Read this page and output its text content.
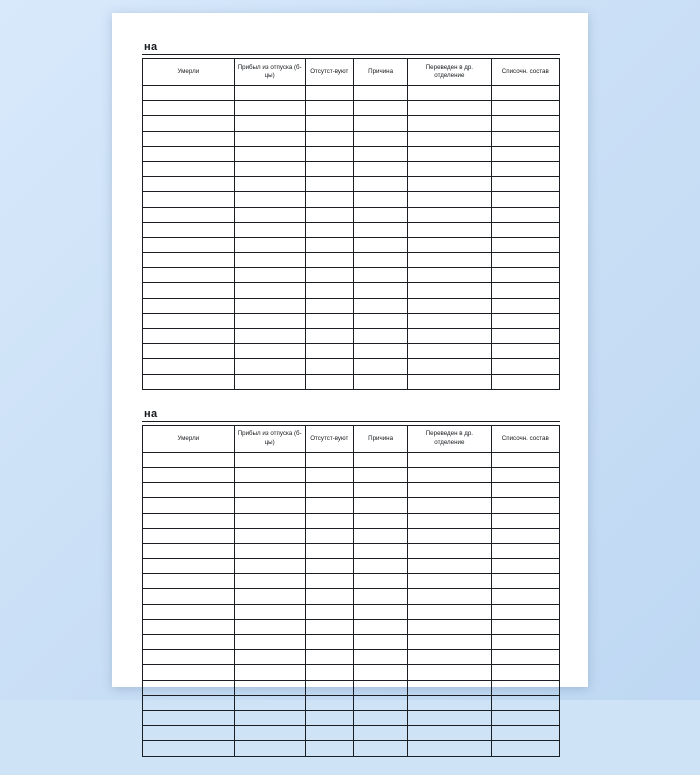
на
Умерли	Прибыл из отпуска (б-цы)	Отсутст-вуют	Причина	Переведен в др. отделение	Списочн. состав

на
Умерли	Прибыл из отпуска (б-цы)	Отсутст-вуют	Причина	Переведен в др. отделение	Списочн. состав
